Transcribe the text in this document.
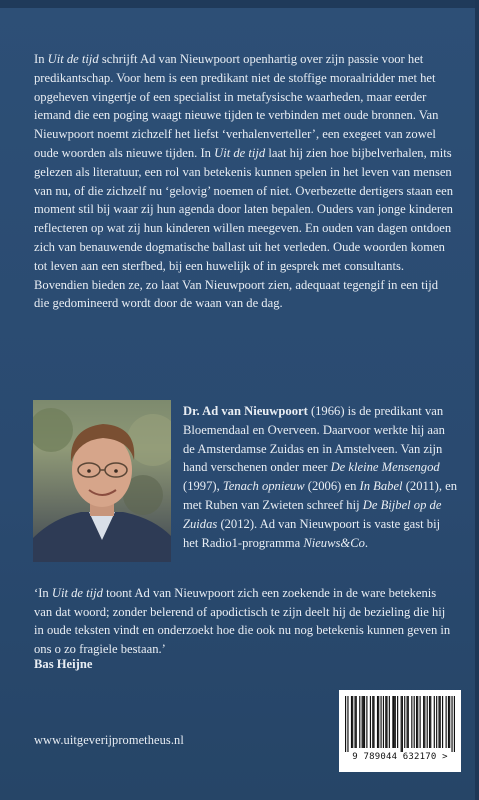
In Uit de tijd schrijft Ad van Nieuwpoort openhartig over zijn passie voor het predikantschap. Voor hem is een predikant niet de stoffige moraalridder met het opgeheven vingertje of een specialist in metafysische waarheden, maar eerder iemand die een poging waagt nieuwe tijden te verbinden met oude bronnen. Van Nieuwpoort noemt zichzelf het liefst ‘verhalenverteller’, een exegeet van zowel oude woorden als nieuwe tijden. In Uit de tijd laat hij zien hoe bijbelverhalen, mits gelezen als literatuur, een rol van betekenis kunnen spelen in het leven van mensen van nu, of die zichzelf nu ‘gelovig’ noemen of niet. Overbezette dertigers staan een moment stil bij waar zij hun agenda door laten bepalen. Ouders van jonge kinderen reflecteren op wat zij hun kinderen willen meegeven. En ouden van dagen ontdoen zich van benauwende dogmatische ballast uit het verleden. Oude woorden komen tot leven aan een sterfbed, bij een huwelijk of in gesprek met consultants. Bovendien bieden ze, zo laat Van Nieuwpoort zien, adequaat tegengif in een tijd die gedomineerd wordt door de waan van de dag.

Dr. Ad van Nieuwpoort (1966) is de predikant van Bloemendaal en Overveen. Daarvoor werkte hij aan de Amsterdamse Zuidas en in Amstelveen. Van zijn hand verschenen onder meer De kleine Mensengod (1997), Tenach opnieuw (2006) en In Babel (2011), en met Ruben van Zwieten schreef hij De Bijbel op de Zuidas (2012). Ad van Nieuwpoort is vaste gast bij het Radio1-programma Nieuws&Co.

‘In Uit de tijd toont Ad van Nieuwpoort zich een zoekende in de ware betekenis van dat woord; zonder belerend of apodictisch te zijn deelt hij de bezieling die hij in oude teksten vindt en onderzoekt hoe die ook nu nog betekenis kunnen geven in ons o zo fragiele bestaan.’

Bas Heijne
www.uitgeverijprometheus.nl
9 789044 632170 >
